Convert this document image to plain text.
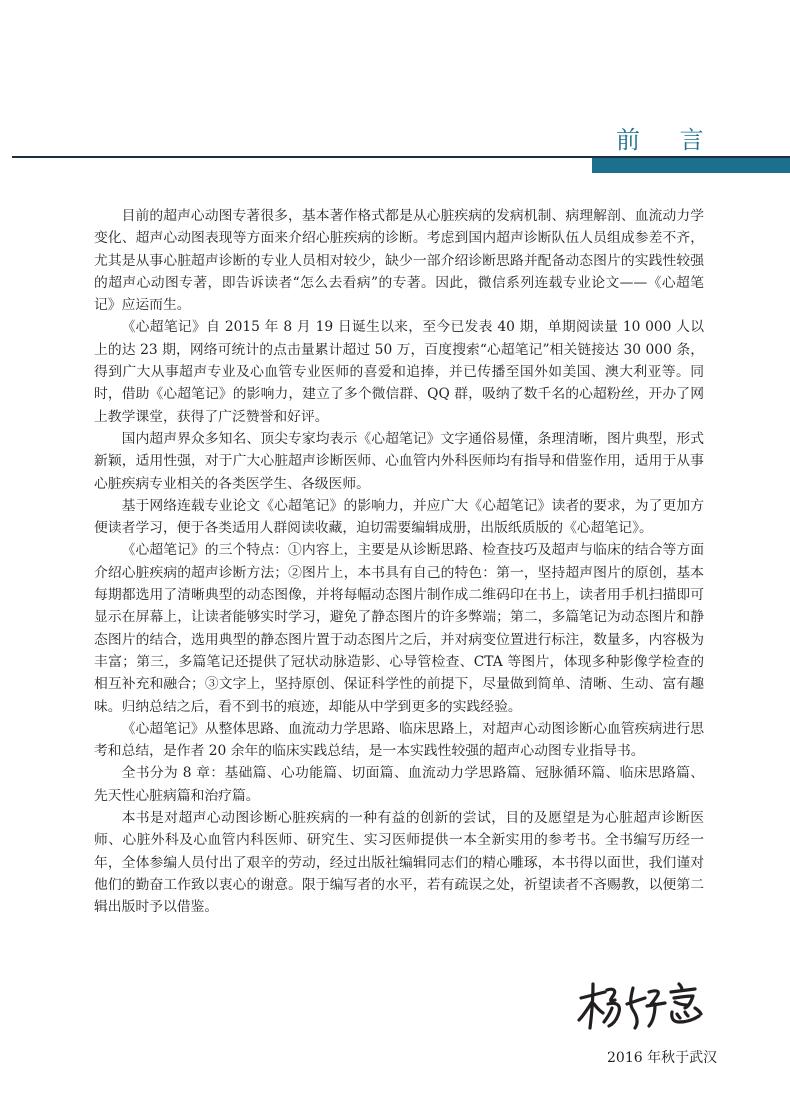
前 言

目前的超声心动图专著很多，基本著作格式都是从心脏疾病的发病机制、病理解剖、血流动力学变化、超声心动图表现等方面来介绍心脏疾病的诊断。考虑到国内超声诊断队伍人员组成参差不齐，尤其是从事心脏超声诊断的专业人员相对较少，缺少一部介绍诊断思路并配备动态图片的实践性较强的超声心动图专著，即告诉读者“怎么去看病”的专著。因此，微信系列连载专业论文——《心超笔记》应运而生。

《心超笔记》自 2015 年 8 月 19 日诞生以来，至今已发表 40 期，单期阅读量 10 000 人以上的达 23 期，网络可统计的点击量累计超过 50 万，百度搜索“心超笔记”相关链接达 30 000 条，得到广大从事超声专业及心血管专业医师的喜爱和追捧，并已传播至国外如美国、澳大利亚等。同时，借助《心超笔记》的影响力，建立了多个微信群、QQ 群，吸纳了数千名的心超粉丝，开办了网上教学课堂，获得了广泛赞誉和好评。

国内超声界众多知名、顶尖专家均表示《心超笔记》文字通俗易懂，条理清晰，图片典型，形式新颖，适用性强，对于广大心脏超声诊断医师、心血管内外科医师均有指导和借鉴作用，适用于从事心脏疾病专业相关的各类医学生、各级医师。

基于网络连载专业论文《心超笔记》的影响力，并应广大《心超笔记》读者的要求，为了更加方便读者学习，便于各类适用人群阅读收藏，迫切需要编辑成册，出版纸质版的《心超笔记》。

《心超笔记》的三个特点：①内容上，主要是从诊断思路、检查技巧及超声与临床的结合等方面介绍心脏疾病的超声诊断方法；②图片上，本书具有自己的特色：第一，坚持超声图片的原创，基本每期都选用了清晰典型的动态图像，并将每幅动态图片制作成二维码印在书上，读者用手机扫描即可显示在屏幕上，让读者能够实时学习，避免了静态图片的许多弊端；第二，多篇笔记为动态图片和静态图片的结合，选用典型的静态图片置于动态图片之后，并对病变位置进行标注，数量多，内容极为丰富；第三，多篇笔记还提供了冠状动脉造影、心导管检查、CTA 等图片，体现多种影像学检查的相互补充和融合；③文字上，坚持原创、保证科学性的前提下，尽量做到简单、清晰、生动、富有趣味。归纳总结之后，看不到书的痕迹，却能从中学到更多的实践经验。

《心超笔记》从整体思路、血流动力学思路、临床思路上，对超声心动图诊断心血管疾病进行思考和总结，是作者 20 余年的临床实践总结，是一本实践性较强的超声心动图专业指导书。

全书分为 8 章：基础篇、心功能篇、切面篇、血流动力学思路篇、冠脉循环篇、临床思路篇、先天性心脏病篇和治疗篇。

本书是对超声心动图诊断心脏疾病的一种有益的创新的尝试，目的及愿望是为心脏超声诊断医师、心脏外科及心血管内科医师、研究生、实习医师提供一本全新实用的参考书。全书编写历经一年，全体参编人员付出了艰辛的劳动，经过出版社编辑同志们的精心雕琢，本书得以面世，我们谨对他们的勤奋工作致以衷心的谢意。限于编写者的水平，若有疏误之处，祈望读者不吝赐教，以便第二辑出版时予以借鉴。

2016 年秋于武汉
